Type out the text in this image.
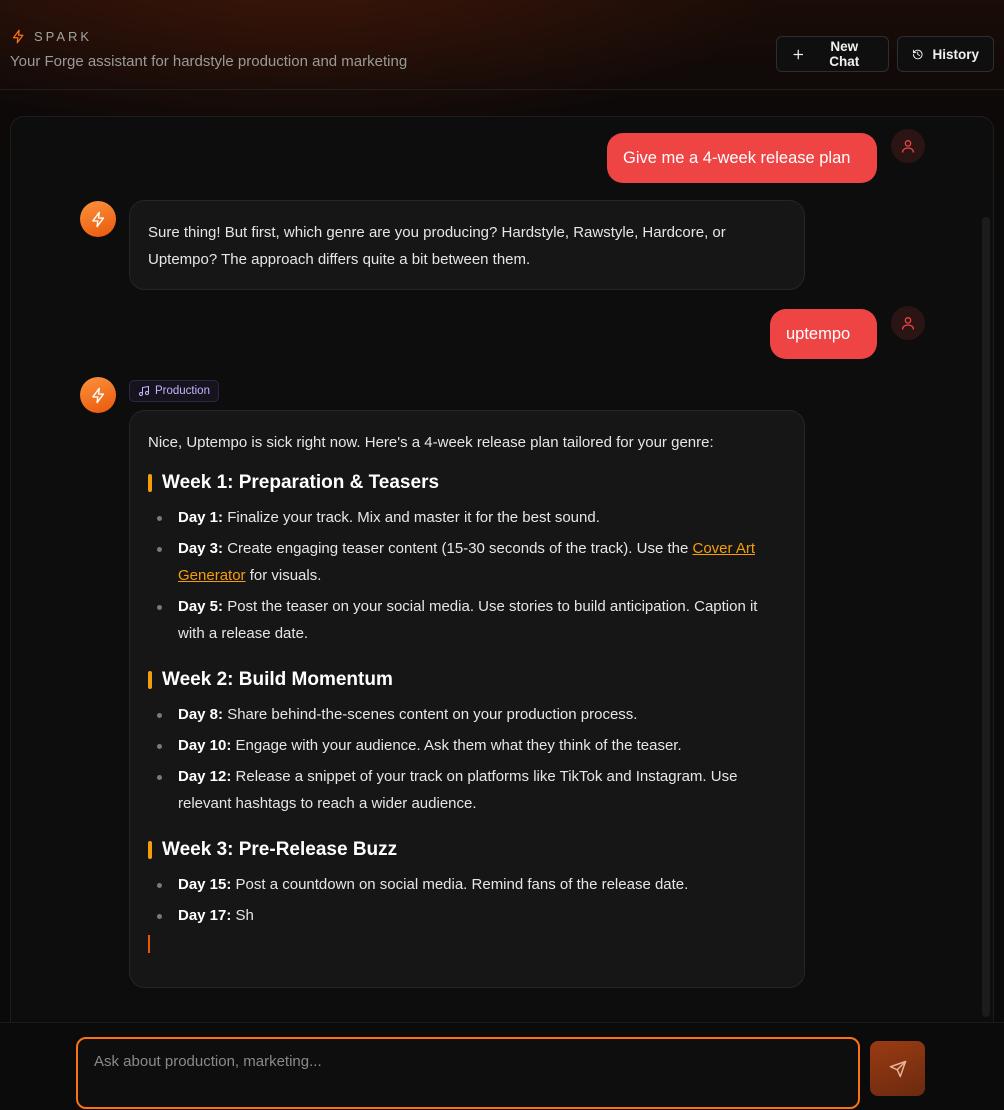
SPARK
Your Forge assistant for hardstyle production and marketing
New Chat	History
Give me a 4-week release plan
Sure thing! But first, which genre are you producing? Hardstyle, Rawstyle, Hardcore, or Uptempo? The approach differs quite a bit between them.
uptempo
Production

Nice, Uptempo is sick right now. Here's a 4-week release plan tailored for your genre:

Week 1: Preparation & Teasers
Day 1: Finalize your track. Mix and master it for the best sound.
Day 3: Create engaging teaser content (15-30 seconds of the track). Use the Cover Art Generator for visuals.
Day 5: Post the teaser on your social media. Use stories to build anticipation. Caption it with a release date.
Week 2: Build Momentum
Day 8: Share behind-the-scenes content on your production process.
Day 10: Engage with your audience. Ask them what they think of the teaser.
Day 12: Release a snippet of your track on platforms like TikTok and Instagram. Use relevant hashtags to reach a wider audience.
Week 3: Pre-Release Buzz
Day 15: Post a countdown on social media. Remind fans of the release date.
Day 17: Sh
Ask about production, marketing...
